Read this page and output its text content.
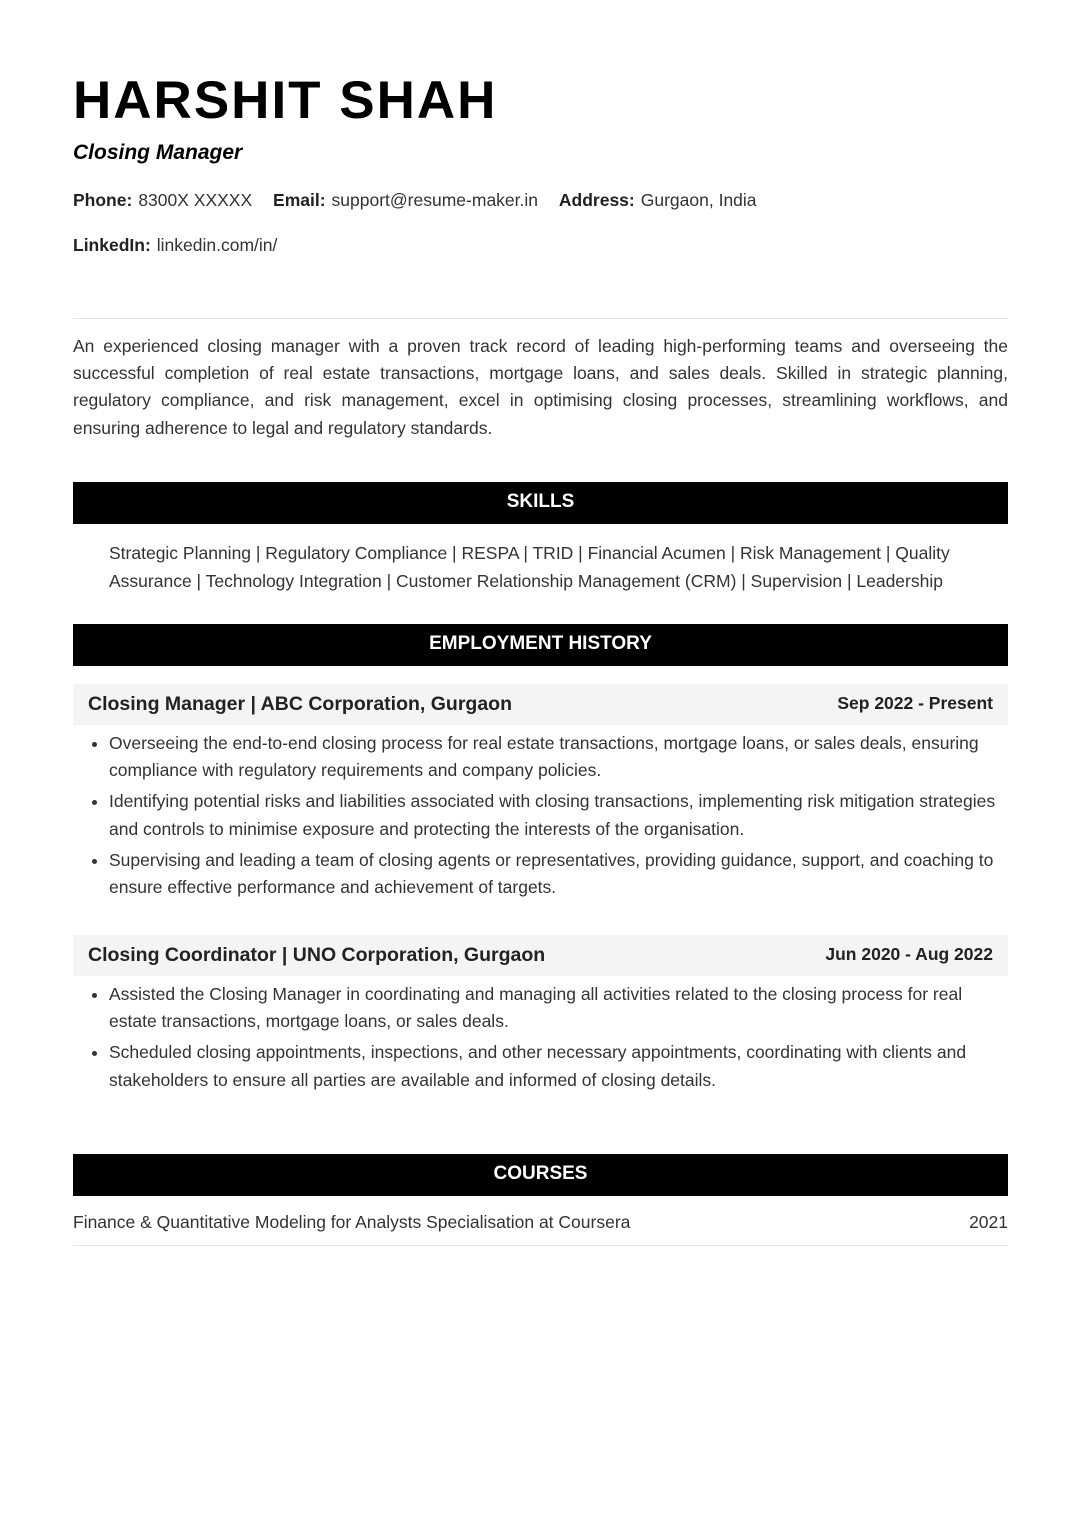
HARSHIT SHAH
Closing Manager
Phone: 8300X XXXXX Email: support@resume-maker.in Address: Gurgaon, India
LinkedIn: linkedin.com/in/

An experienced closing manager with a proven track record of leading high-performing teams and overseeing the successful completion of real estate transactions, mortgage loans, and sales deals. Skilled in strategic planning, regulatory compliance, and risk management, excel in optimising closing processes, streamlining workflows, and ensuring adherence to legal and regulatory standards.

SKILLS

Strategic Planning | Regulatory Compliance | RESPA | TRID | Financial Acumen | Risk Management | Quality Assurance | Technology Integration | Customer Relationship Management (CRM) | Supervision | Leadership

EMPLOYMENT HISTORY
Closing Manager | ABC Corporation, Gurgaon	Sep 2022 - Present
Overseeing the end-to-end closing process for real estate transactions, mortgage loans, or sales deals, ensuring compliance with regulatory requirements and company policies.
Identifying potential risks and liabilities associated with closing transactions, implementing risk mitigation strategies and controls to minimise exposure and protecting the interests of the organisation.
Supervising and leading a team of closing agents or representatives, providing guidance, support, and coaching to ensure effective performance and achievement of targets.
Closing Coordinator | UNO Corporation, Gurgaon	Jun 2020 - Aug 2022
Assisted the Closing Manager in coordinating and managing all activities related to the closing process for real estate transactions, mortgage loans, or sales deals.
Scheduled closing appointments, inspections, and other necessary appointments, coordinating with clients and stakeholders to ensure all parties are available and informed of closing details.
COURSES
Finance & Quantitative Modeling for Analysts Specialisation at Coursera	2021
